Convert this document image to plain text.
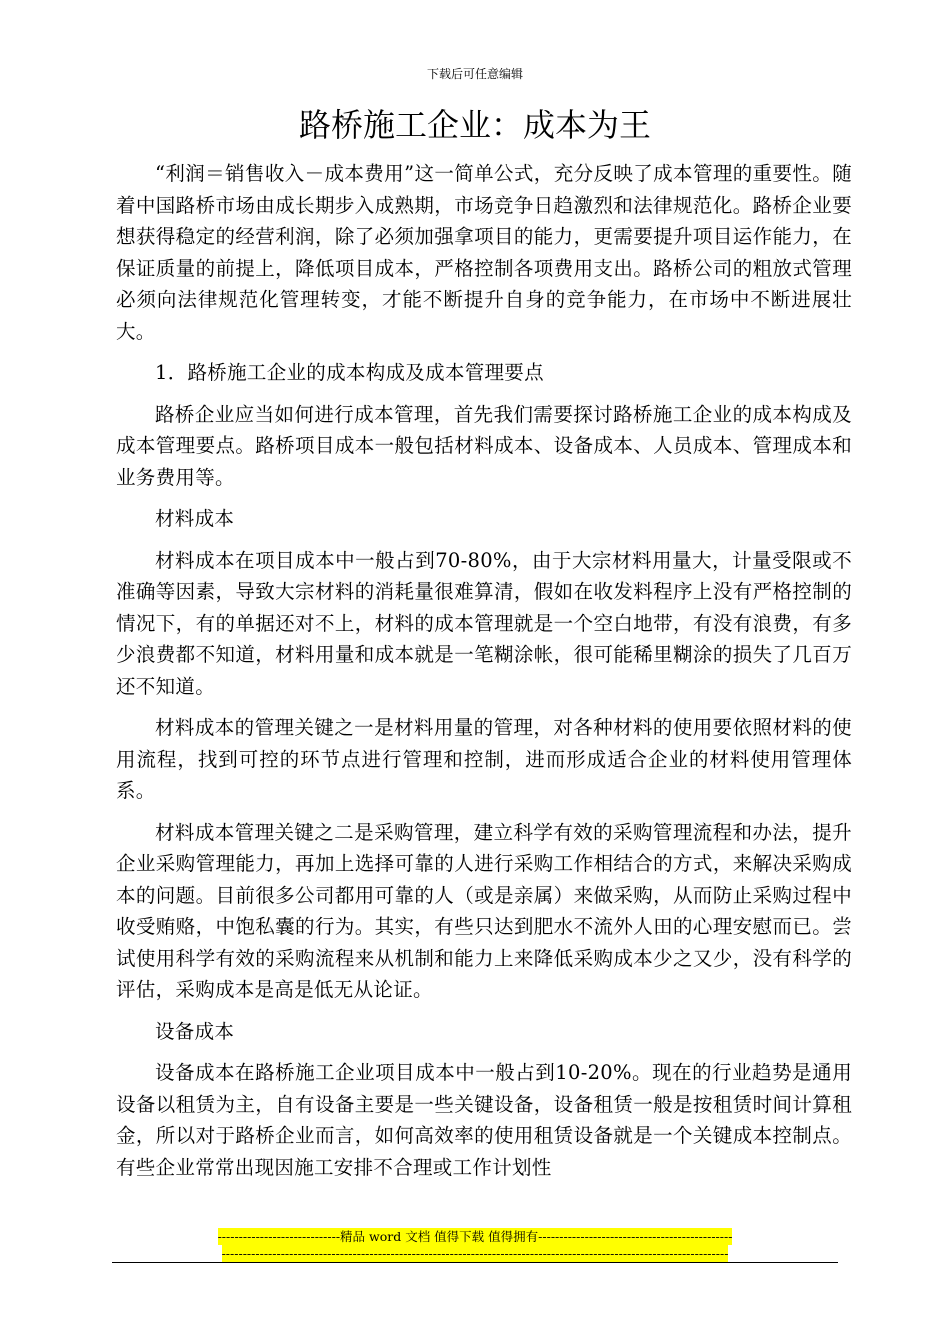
下载后可任意编辑
路桥施工企业：成本为王

“利润＝销售收入－成本费用”这一简单公式，充分反映了成本管理的重要性。随着中国路桥市场由成长期步入成熟期，市场竞争日趋激烈和法律规范化。路桥企业要想获得稳定的经营利润，除了必须加强拿项目的能力，更需要提升项目运作能力，在保证质量的前提上，降低项目成本，严格控制各项费用支出。路桥公司的粗放式管理必须向法律规范化管理转变，才能不断提升自身的竞争能力，在市场中不断进展壮大。

1．路桥施工企业的成本构成及成本管理要点

路桥企业应当如何进行成本管理，首先我们需要探讨路桥施工企业的成本构成及成本管理要点。路桥项目成本一般包括材料成本、设备成本、人员成本、管理成本和业务费用等。

材料成本

材料成本在项目成本中一般占到70-80%，由于大宗材料用量大，计量受限或不准确等因素，导致大宗材料的消耗量很难算清，假如在收发料程序上没有严格控制的情况下，有的单据还对不上，材料的成本管理就是一个空白地带，有没有浪费，有多少浪费都不知道，材料用量和成本就是一笔糊涂帐，很可能稀里糊涂的损失了几百万还不知道。

材料成本的管理关键之一是材料用量的管理，对各种材料的使用要依照材料的使用流程，找到可控的环节点进行管理和控制，进而形成适合企业的材料使用管理体系。

材料成本管理关键之二是采购管理，建立科学有效的采购管理流程和办法，提升企业采购管理能力，再加上选择可靠的人进行采购工作相结合的方式，来解决采购成本的问题。目前很多公司都用可靠的人（或是亲属）来做采购，从而防止采购过程中收受贿赂，中饱私囊的行为。其实，有些只达到肥水不流外人田的心理安慰而已。尝试使用科学有效的采购流程来从机制和能力上来降低采购成本少之又少，没有科学的评估，采购成本是高是低无从论证。

设备成本

设备成本在路桥施工企业项目成本中一般占到10-20%。现在的行业趋势是通用设备以租赁为主，自有设备主要是一些关键设备，设备租赁一般是按租赁时间计算租金，所以对于路桥企业而言，如何高效率的使用租赁设备就是一个关键成本控制点。有些企业常常出现因施工安排不合理或工作计划性

-----------------------------精品 word 文档 值得下载 值得拥有----------------------------------------------
------------------------------------------------------------------------------------------------------------------------
